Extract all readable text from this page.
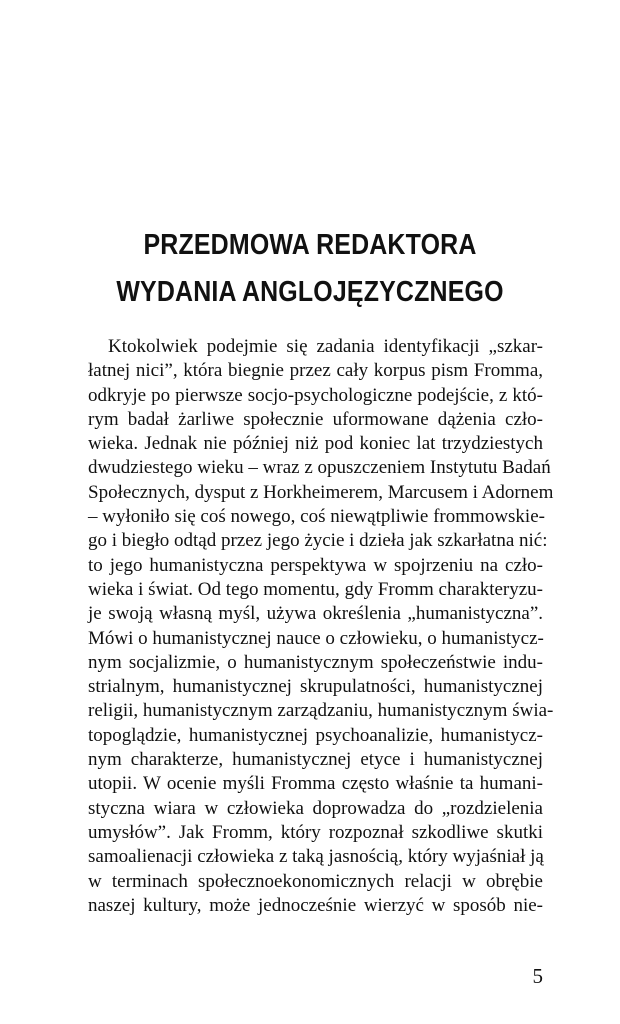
PRZEDMOWA REDAKTORA
WYDANIA ANGLOJĘZYCZNEGO
Ktokolwiek podejmie się zadania identyfikacji „szkar-
łatnej nici”, która biegnie przez cały korpus pism Fromma,
odkryje po pierwsze socjo-psychologiczne podejście, z któ-
rym badał żarliwe społecznie uformowane dążenia czło-
wieka. Jednak nie później niż pod koniec lat trzydziestych
dwudziestego wieku – wraz z opuszczeniem Instytutu Badań
Społecznych, dysput z Horkheimerem, Marcusem i Adornem
– wyłoniło się coś nowego, coś niewątpliwie frommowskie-
go i biegło odtąd przez jego życie i dzieła jak szkarłatna nić:
to jego humanistyczna perspektywa w spojrzeniu na czło-
wieka i świat. Od tego momentu, gdy Fromm charakteryzu-
je swoją własną myśl, używa określenia „humanistyczna”.
Mówi o humanistycznej nauce o człowieku, o humanistycz-
nym socjalizmie, o humanistycznym społeczeństwie indu-
strialnym, humanistycznej skrupulatności, humanistycznej
religii, humanistycznym zarządzaniu, humanistycznym świa-
topoglądzie, humanistycznej psychoanalizie, humanistycz-
nym charakterze, humanistycznej etyce i humanistycznej
utopii. W ocenie myśli Fromma często właśnie ta humani-
styczna wiara w człowieka doprowadza do „rozdzielenia
umysłów”. Jak Fromm, który rozpoznał szkodliwe skutki
samoalienacji człowieka z taką jasnością, który wyjaśniał ją
w terminach społecznoekonomicznych relacji w obrębie
naszej kultury, może jednocześnie wierzyć w sposób nie-
5
